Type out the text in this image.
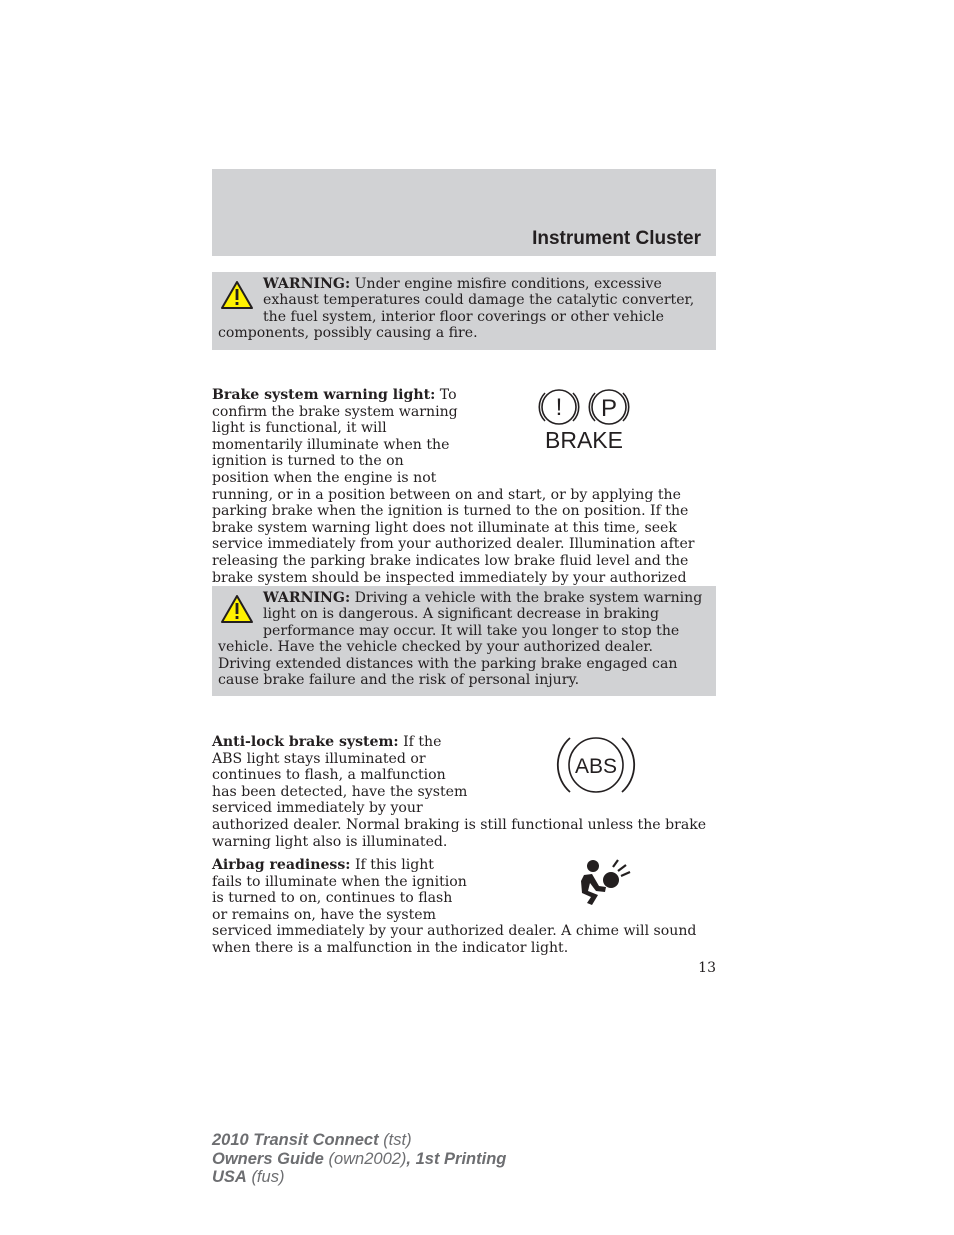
Instrument Cluster
WARNING: Under engine misfire conditions, excessive exhaust temperatures could damage the catalytic converter, the fuel system, interior floor coverings or other vehicle components, possibly causing a fire.

! P
BRAKE
Brake system warning light: To confirm the brake system warning light is functional, it will momentarily illuminate when the ignition is turned to the on position when the engine is not running, or in a position between on and start, or by applying the parking brake when the ignition is turned to the on position. If the brake system warning light does not illuminate at this time, seek service immediately from your authorized dealer. Illumination after releasing the parking brake indicates low brake fluid level and the brake system should be inspected immediately by your authorized

WARNING: Driving a vehicle with the brake system warning light on is dangerous. A significant decrease in braking performance may occur. It will take you longer to stop the vehicle. Have the vehicle checked by your authorized dealer. Driving extended distances with the parking brake engaged can cause brake failure and the risk of personal injury.

ABS
Anti-lock brake system: If the ABS light stays illuminated or continues to flash, a malfunction has been detected, have the system serviced immediately by your authorized dealer. Normal braking is still functional unless the brake warning light also is illuminated.

Airbag readiness: If this light fails to illuminate when the ignition is turned to on, continues to flash or remains on, have the system serviced immediately by your authorized dealer. A chime will sound when there is a malfunction in the indicator light.

13
2010 Transit Connect (tst)
Owners Guide (own2002), 1st Printing
USA (fus)
